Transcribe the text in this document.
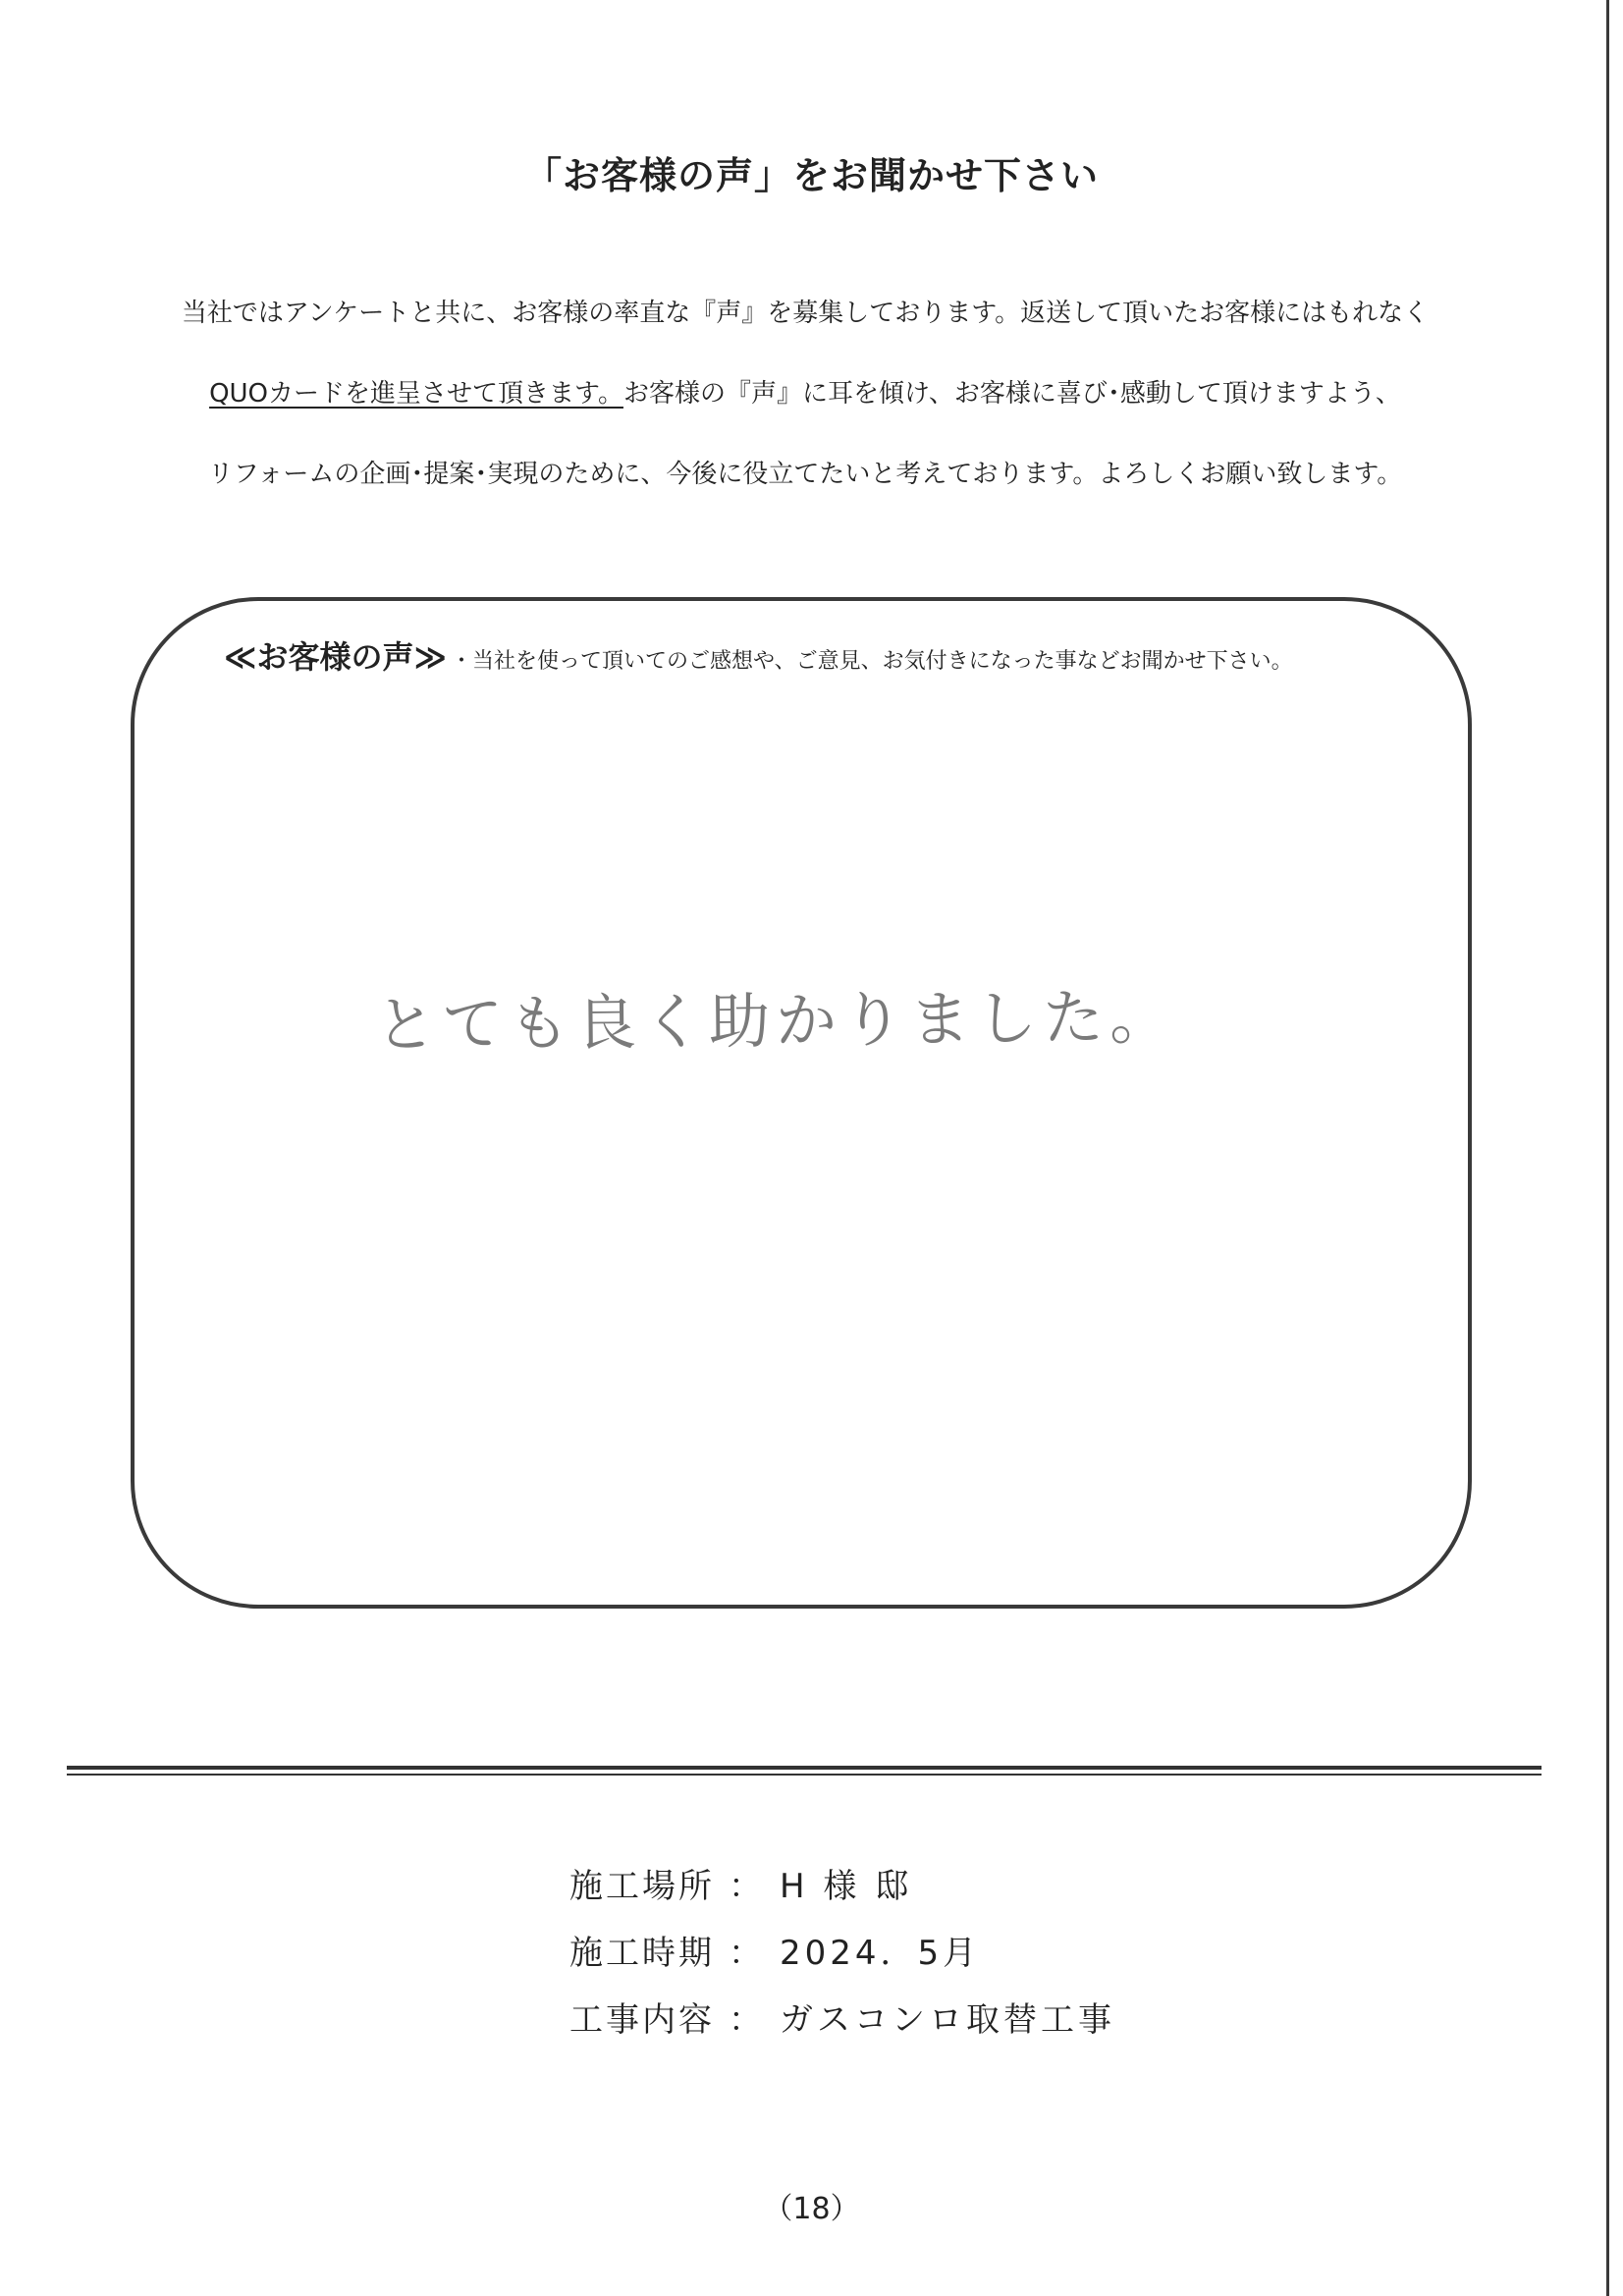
「お客様の声」をお聞かせ下さい
当社ではアンケートと共に、お客様の率直な『声』を募集しております。返送して頂いたお客様にはもれなく
QUOカードを進呈させて頂きます。お客様の『声』に耳を傾け、お客様に喜び･感動して頂けますよう、
リフォームの企画･提案･実現のために、今後に役立てたいと考えております。よろしくお願い致します。
≪お客様の声≫ ・当社を使って頂いてのご感想や、ご意見、お気付きになった事などお聞かせ下さい。
とても良く助かりました。
施工場所 ： H 様 邸
施工時期 ： 2024．5月
工事内容 ： ガスコンロ取替工事
（18）
